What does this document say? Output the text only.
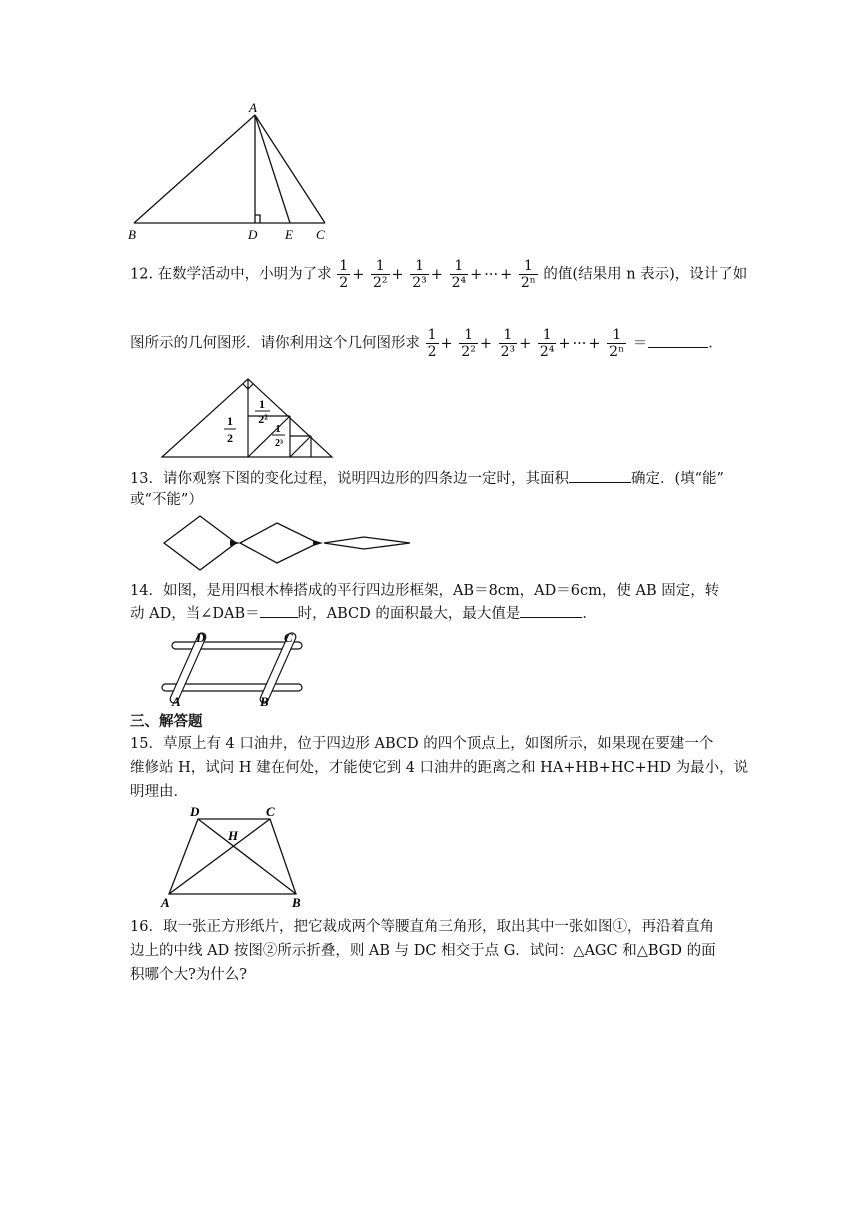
A
B	D E C
12. 在数学活动中，小明为了求 $\frac{1}{2} + \frac{1}{\text{2²}} + \frac{1}{\text{2³}} + \frac{1}{\text{2⁴}}$ + ··· + $\frac{1}{\text{2ⁿ}}$ 的值(结果用 n 表示)，设计了如
图所示的几何图形．请你利用这个几何图形求 $\frac{1}{2} + \frac{1}{\text{2²}} + \frac{1}{\text{2³}} + \frac{1}{\text{2⁴}}$ + ··· + $\frac{1}{\text{2ⁿ}}$ ＝	．
1
2
1
2²
1
2³
13．请你观察下图的变化过程，说明四边形的四条边一定时，其面积	确定．(填“能”
或“不能”）
14．如图，是用四根木棒搭成的平行四边形框架，AB＝8cm，AD＝6cm，使 AB 固定，转
动 AD，当∠DAB＝	时，ABCD 的面积最大，最大值是	．
D	C
A	B
三、解答题
15．草原上有 4 口油井，位于四边形 ABCD 的四个顶点上，如图所示，如果现在要建一个
维修站 H，试问 H 建在何处，才能使它到 4 口油井的距离之和 HA+HB+HC+HD 为最小，说
明理由．
D	C
H
A	B
16．取一张正方形纸片，把它裁成两个等腰直角三角形，取出其中一张如图①，再沿着直角
边上的中线 AD 按图②所示折叠，则 AB 与 DC 相交于点 G．试问：△AGC 和△BGD 的面
积哪个大?为什么?
